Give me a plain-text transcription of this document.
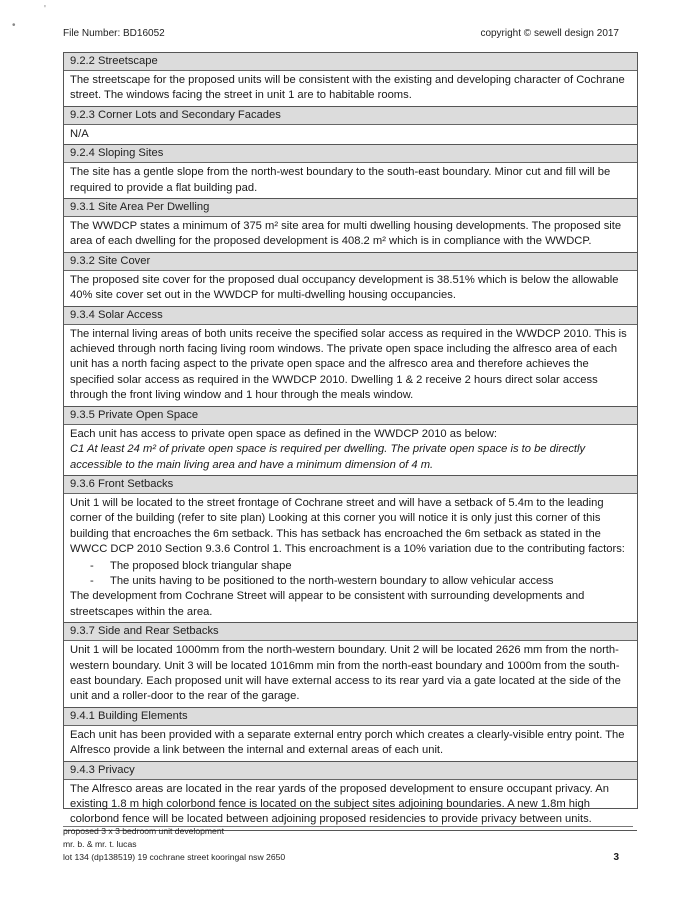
'
•
File Number: BD16052	copyright © sewell design 2017
9.2.2 Streetscape

The streetscape for the proposed units will be consistent with the existing and developing character of Cochrane street. The windows facing the street in unit 1 are to habitable rooms.

9.2.3 Corner Lots and Secondary Facades

N/A

9.2.4 Sloping Sites

The site has a gentle slope from the north-west boundary to the south-east boundary. Minor cut and fill will be required to provide a flat building pad.

9.3.1 Site Area Per Dwelling

The WWDCP states a minimum of 375 m² site area for multi dwelling housing developments. The proposed site area of each dwelling for the proposed development is 408.2 m² which is in compliance with the WWDCP.

9.3.2 Site Cover

The proposed site cover for the proposed dual occupancy development is 38.51% which is below the allowable 40% site cover set out in the WWDCP for multi-dwelling housing occupancies.

9.3.4 Solar Access

The internal living areas of both units receive the specified solar access as required in the WWDCP 2010. This is achieved through north facing living room windows. The private open space including the alfresco area of each unit has a north facing aspect to the private open space and the alfresco area and therefore achieves the specified solar access as required in the WWDCP 2010. Dwelling 1 & 2 receive 2 hours direct solar access through the front living window and 1 hour through the meals window.

9.3.5 Private Open Space

Each unit has access to private open space as defined in the WWDCP 2010 as below:

C1 At least 24 m² of private open space is required per dwelling. The private open space is to be directly accessible to the main living area and have a minimum dimension of 4 m.

9.3.6 Front Setbacks

Unit 1 will be located to the street frontage of Cochrane street and will have a setback of 5.4m to the leading corner of the building (refer to site plan) Looking at this corner you will notice it is only just this corner of this building that encroaches the 6m setback. This has setback has encroached the 6m setback as stated in the WWCC DCP 2010 Section 9.3.6 Control 1. This encroachment is a 10% variation due to the contributing factors:

- The proposed block triangular shape
- The units having to be positioned to the north-western boundary to allow vehicular access

The development from Cochrane Street will appear to be consistent with surrounding developments and streetscapes within the area.

9.3.7 Side and Rear Setbacks

Unit 1 will be located 1000mm from the north-western boundary. Unit 2 will be located 2626 mm from the north-western boundary. Unit 3 will be located 1016mm min from the north-east boundary and 1000m from the south-east boundary. Each proposed unit will have external access to its rear yard via a gate located at the side of the unit and a roller-door to the rear of the garage.

9.4.1 Building Elements

Each unit has been provided with a separate external entry porch which creates a clearly-visible entry point. The Alfresco provide a link between the internal and external areas of each unit.

9.4.3 Privacy

The Alfresco areas are located in the rear yards of the proposed development to ensure occupant privacy. An existing 1.8 m high colorbond fence is located on the subject sites adjoining boundaries. A new 1.8m high colorbond fence will be located between adjoining proposed residencies to provide privacy between units.

proposed 3 x 3 bedroom unit development
mr. b. & mr. t. lucas
lot 134 (dp138519) 19 cochrane street kooringal nsw 2650	3
